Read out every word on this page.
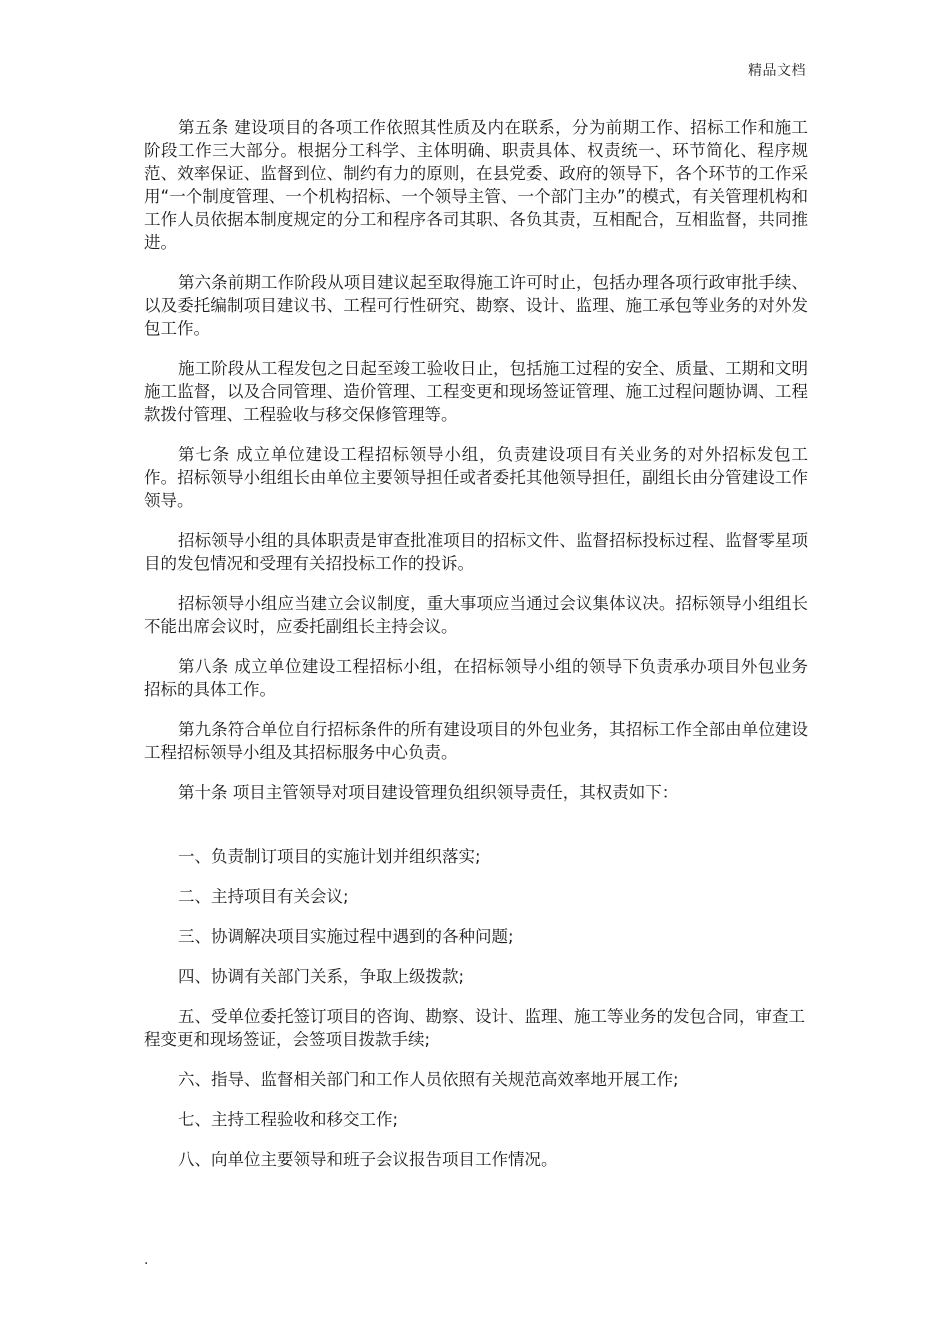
精品文档

第五条 建设项目的各项工作依照其性质及内在联系，分为前期工作、招标工作和施工阶段工作三大部分。根据分工科学、主体明确、职责具体、权责统一、环节简化、程序规范、效率保证、监督到位、制约有力的原则，在县党委、政府的领导下，各个环节的工作采用“一个制度管理、一个机构招标、一个领导主管、一个部门主办”的模式，有关管理机构和工作人员依据本制度规定的分工和程序各司其职、各负其责，互相配合，互相监督，共同推进。

第六条前期工作阶段从项目建议起至取得施工许可时止，包括办理各项行政审批手续、以及委托编制项目建议书、工程可行性研究、勘察、设计、监理、施工承包等业务的对外发包工作。

施工阶段从工程发包之日起至竣工验收日止，包括施工过程的安全、质量、工期和文明施工监督，以及合同管理、造价管理、工程变更和现场签证管理、施工过程问题协调、工程款拨付管理、工程验收与移交保修管理等。

第七条 成立单位建设工程招标领导小组，负责建设项目有关业务的对外招标发包工作。招标领导小组组长由单位主要领导担任或者委托其他领导担任，副组长由分管建设工作领导。

招标领导小组的具体职责是审查批准项目的招标文件、监督招标投标过程、监督零星项目的发包情况和受理有关招投标工作的投诉。

招标领导小组应当建立会议制度，重大事项应当通过会议集体议决。招标领导小组组长不能出席会议时，应委托副组长主持会议。

第八条 成立单位建设工程招标小组，在招标领导小组的领导下负责承办项目外包业务招标的具体工作。

第九条符合单位自行招标条件的所有建设项目的外包业务，其招标工作全部由单位建设工程招标领导小组及其招标服务中心负责。

第十条 项目主管领导对项目建设管理负组织领导责任，其权责如下：

一、负责制订项目的实施计划并组织落实;

二、主持项目有关会议;

三、协调解决项目实施过程中遇到的各种问题;

四、协调有关部门关系，争取上级拨款;

五、受单位委托签订项目的咨询、勘察、设计、监理、施工等业务的发包合同，审查工程变更和现场签证，会签项目拨款手续;

六、指导、监督相关部门和工作人员依照有关规范高效率地开展工作;

七、主持工程验收和移交工作;

八、向单位主要领导和班子会议报告项目工作情况。

.
